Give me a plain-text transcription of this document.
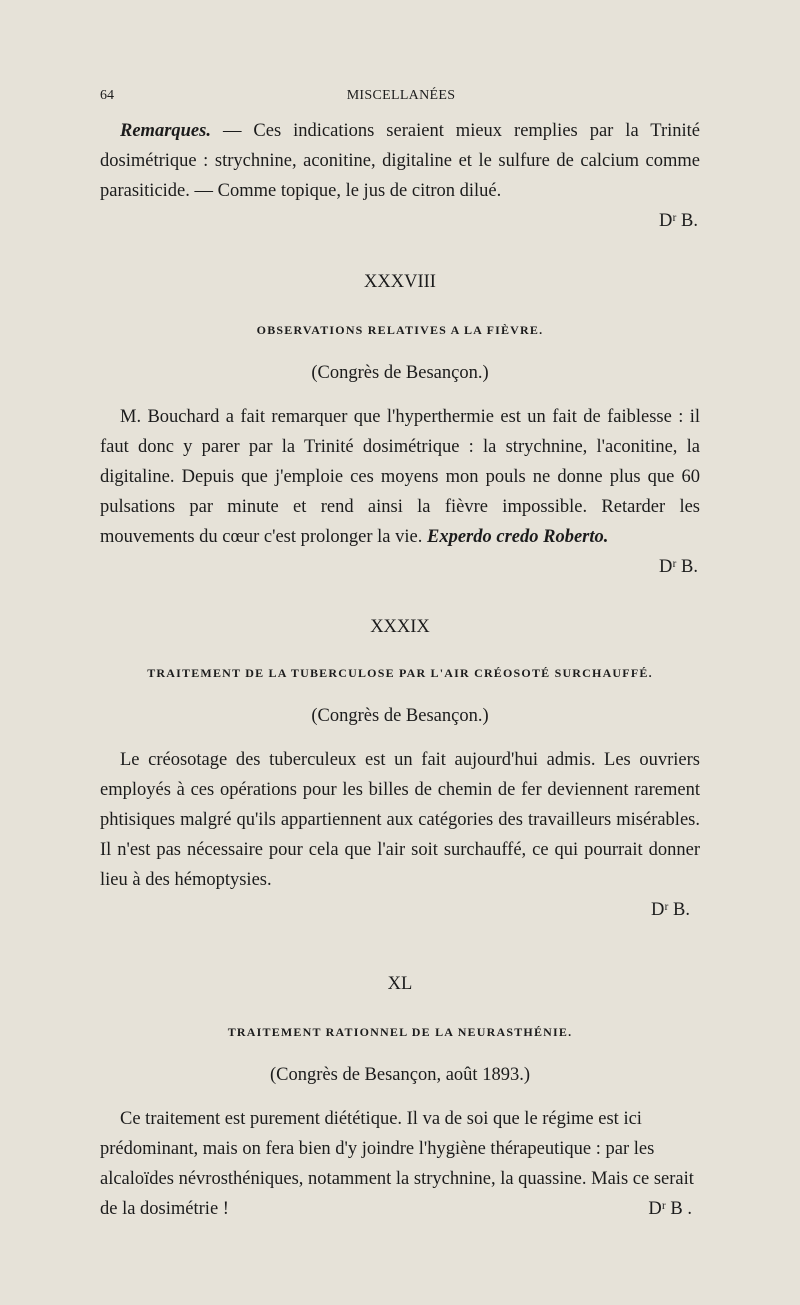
64	MISCELLANÉES

Remarques. — Ces indications seraient mieux remplies par la Trinité dosimétrique : strychnine, aconitine, digitaline et le sulfure de calcium comme parasiticide. — Comme topique, le jus de citron dilué.

Dʳ B.

XXXVIII

OBSERVATIONS RELATIVES A LA FIÈVRE.

(Congrès de Besançon.)

M. Bouchard a fait remarquer que l'hyperthermie est un fait de faiblesse : il faut donc y parer par la Trinité dosimétrique : la strychnine, l'aconitine, la digitaline. Depuis que j'emploie ces moyens mon pouls ne donne plus que 60 pulsations par minute et rend ainsi la fièvre impossible. Retarder les mouvements du cœur c'est prolonger la vie. Experdo credo Roberto.

Dʳ B.

XXXIX

TRAITEMENT DE LA TUBERCULOSE PAR L'AIR CRÉOSOTÉ SURCHAUFFÉ.

(Congrès de Besançon.)

Le créosotage des tuberculeux est un fait aujourd'hui admis. Les ouvriers employés à ces opérations pour les billes de chemin de fer deviennent rarement phtisiques malgré qu'ils appartiennent aux catégories des travailleurs misérables. Il n'est pas nécessaire pour cela que l'air soit surchauffé, ce qui pourrait donner lieu à des hémoptysies.

Dʳ B.

XL

TRAITEMENT RATIONNEL DE LA NEURASTHÉNIE.

(Congrès de Besançon, août 1893.)

Ce traitement est purement diététique. Il va de soi que le régime est ici prédominant, mais on fera bien d'y joindre l'hygiène thérapeutique : par les alcaloïdes névrosthéniques, notamment la strychnine, la quassine. Mais ce serait de la dosimétrie !	Dʳ B .
